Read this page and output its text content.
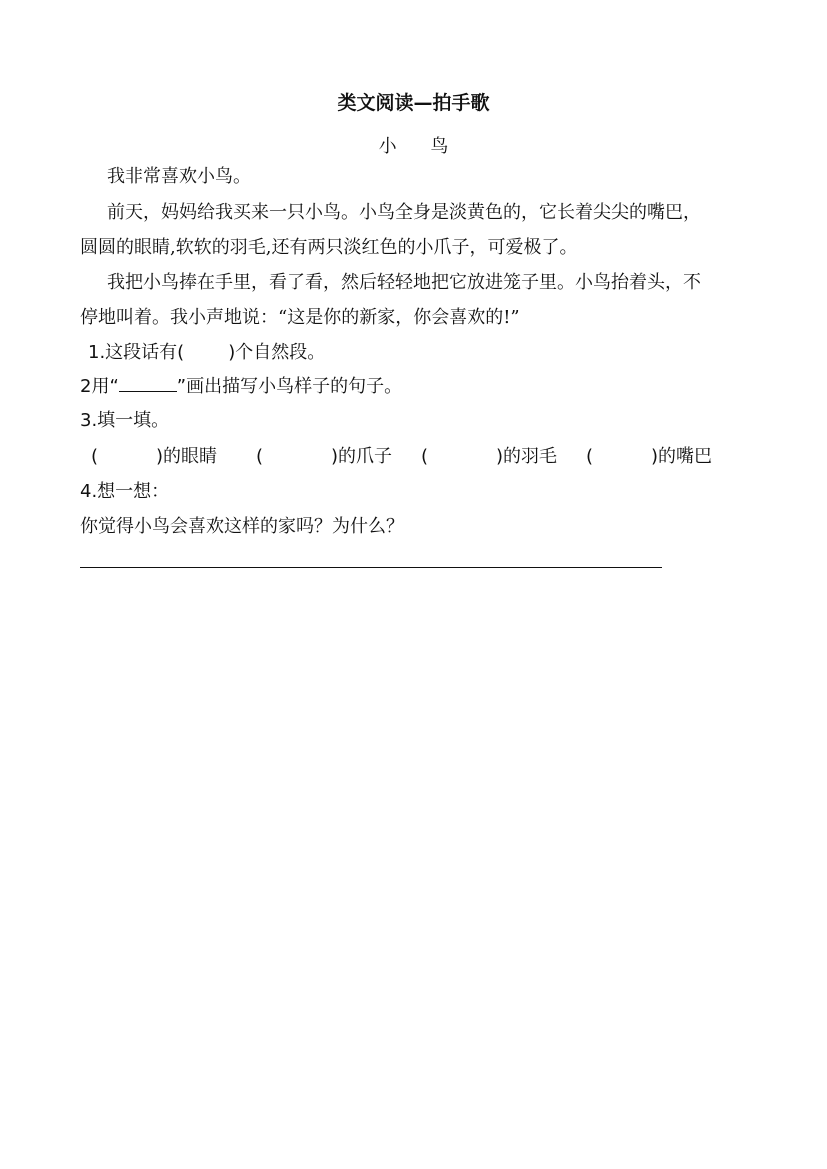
类文阅读—拍手歌
小 鸟
我非常喜欢小鸟。
前天，妈妈给我买来一只小鸟。小鸟全身是淡黄色的，它长着尖尖的嘴巴，
圆圆的眼睛,软软的羽毛,还有两只淡红色的小爪子，可爱极了。
我把小鸟捧在手里，看了看，然后轻轻地把它放进笼子里。小鸟抬着头，不
停地叫着。我小声地说：“这是你的新家，你会喜欢的!”
1.这段话有( )个自然段。
2用“	”画出描写小鸟样子的句子。
3.填一填。
(	)的眼睛 (	)的爪子 (	)的羽毛 (	)的嘴巴
4.想一想：
你觉得小鸟会喜欢这样的家吗？为什么？
